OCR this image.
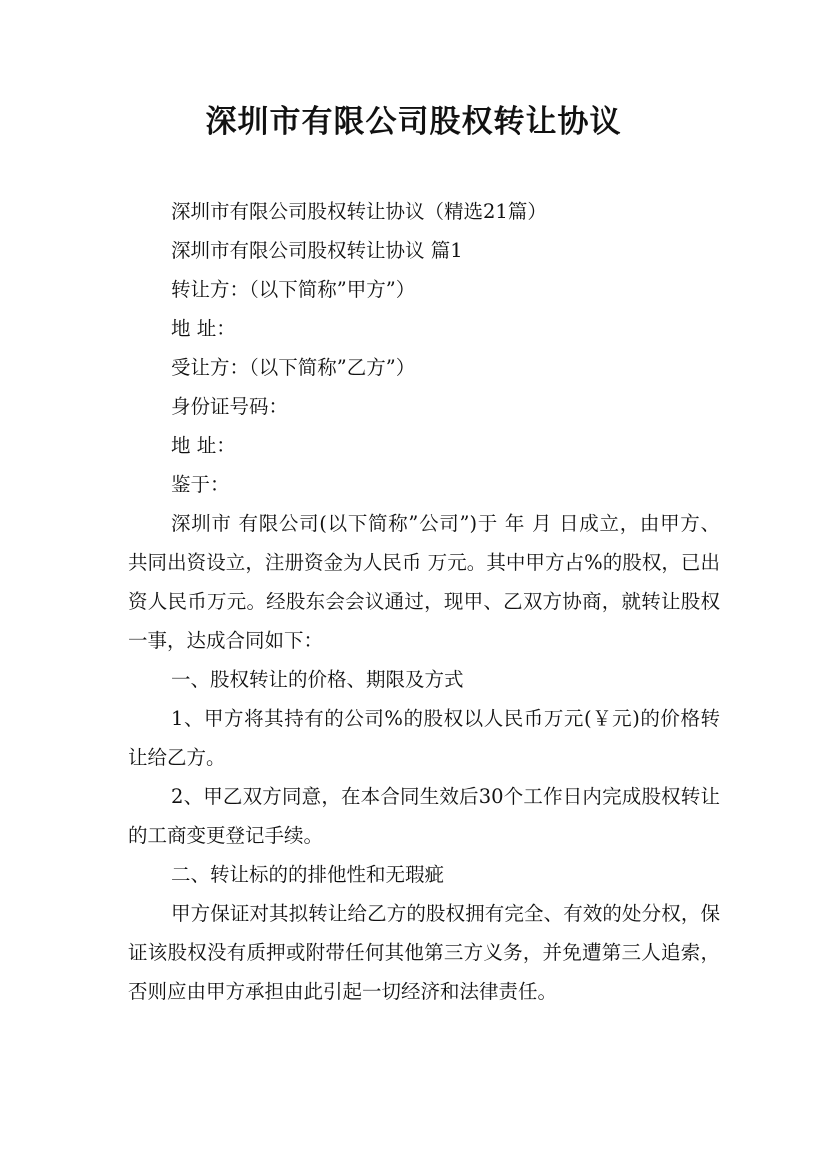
深圳市有限公司股权转让协议

深圳市有限公司股权转让协议（精选21篇）

深圳市有限公司股权转让协议 篇1

转让方：（以下简称”甲方”）

地 址：

受让方：（以下简称”乙方”）

身份证号码：

地 址：

鉴于：

深圳市 有限公司(以下简称”公司”)于 年 月 日成立，由甲方、 共同出资设立，注册资金为人民币 万元。其中甲方占%的股权，已出资人民币万元。经股东会会议通过，现甲、乙双方协商，就转让股权一事，达成合同如下：

一、股权转让的价格、期限及方式

1、甲方将其持有的公司%的股权以人民币万元(￥元)的价格转让给乙方。

2、甲乙双方同意，在本合同生效后30个工作日内完成股权转让的工商变更登记手续。

二、转让标的的排他性和无瑕疵

甲方保证对其拟转让给乙方的股权拥有完全、有效的处分权，保证该股权没有质押或附带任何其他第三方义务，并免遭第三人追索，否则应由甲方承担由此引起一切经济和法律责任。
